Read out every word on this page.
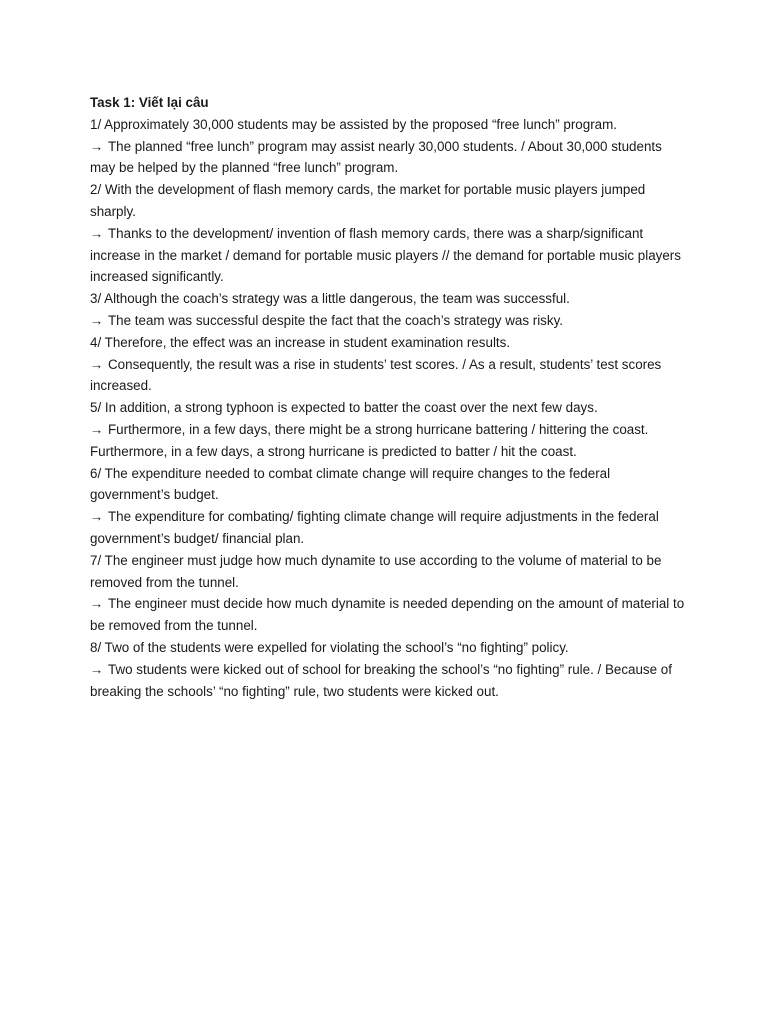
Task 1: Viết lại câu

1/ Approximately 30,000 students may be assisted by the proposed “free lunch” program.

→ The planned “free lunch” program may assist nearly 30,000 students. / About 30,000 students may be helped by the planned “free lunch” program.

2/ With the development of flash memory cards, the market for portable music players jumped sharply.

→ Thanks to the development/ invention of flash memory cards, there was a sharp/significant increase in the market / demand for portable music players // the demand for portable music players increased significantly.

3/ Although the coach’s strategy was a little dangerous, the team was successful.

→ The team was successful despite the fact that the coach’s strategy was risky.

4/ Therefore, the effect was an increase in student examination results.

→ Consequently, the result was a rise in students’ test scores. / As a result, students’ test scores increased.

5/ In addition, a strong typhoon is expected to batter the coast over the next few days.

→ Furthermore, in a few days, there might be a strong hurricane battering / hittering the coast. Furthermore, in a few days, a strong hurricane is predicted to batter / hit the coast.

6/ The expenditure needed to combat climate change will require changes to the federal government’s budget.

→ The expenditure for combating/ fighting climate change will require adjustments in the federal government’s budget/ financial plan.

7/ The engineer must judge how much dynamite to use according to the volume of material to be removed from the tunnel.

→ The engineer must decide how much dynamite is needed depending on the amount of material to be removed from the tunnel.

8/ Two of the students were expelled for violating the school’s “no fighting” policy.

→ Two students were kicked out of school for breaking the school’s “no fighting” rule. / Because of breaking the schools’ “no fighting” rule, two students were kicked out.
